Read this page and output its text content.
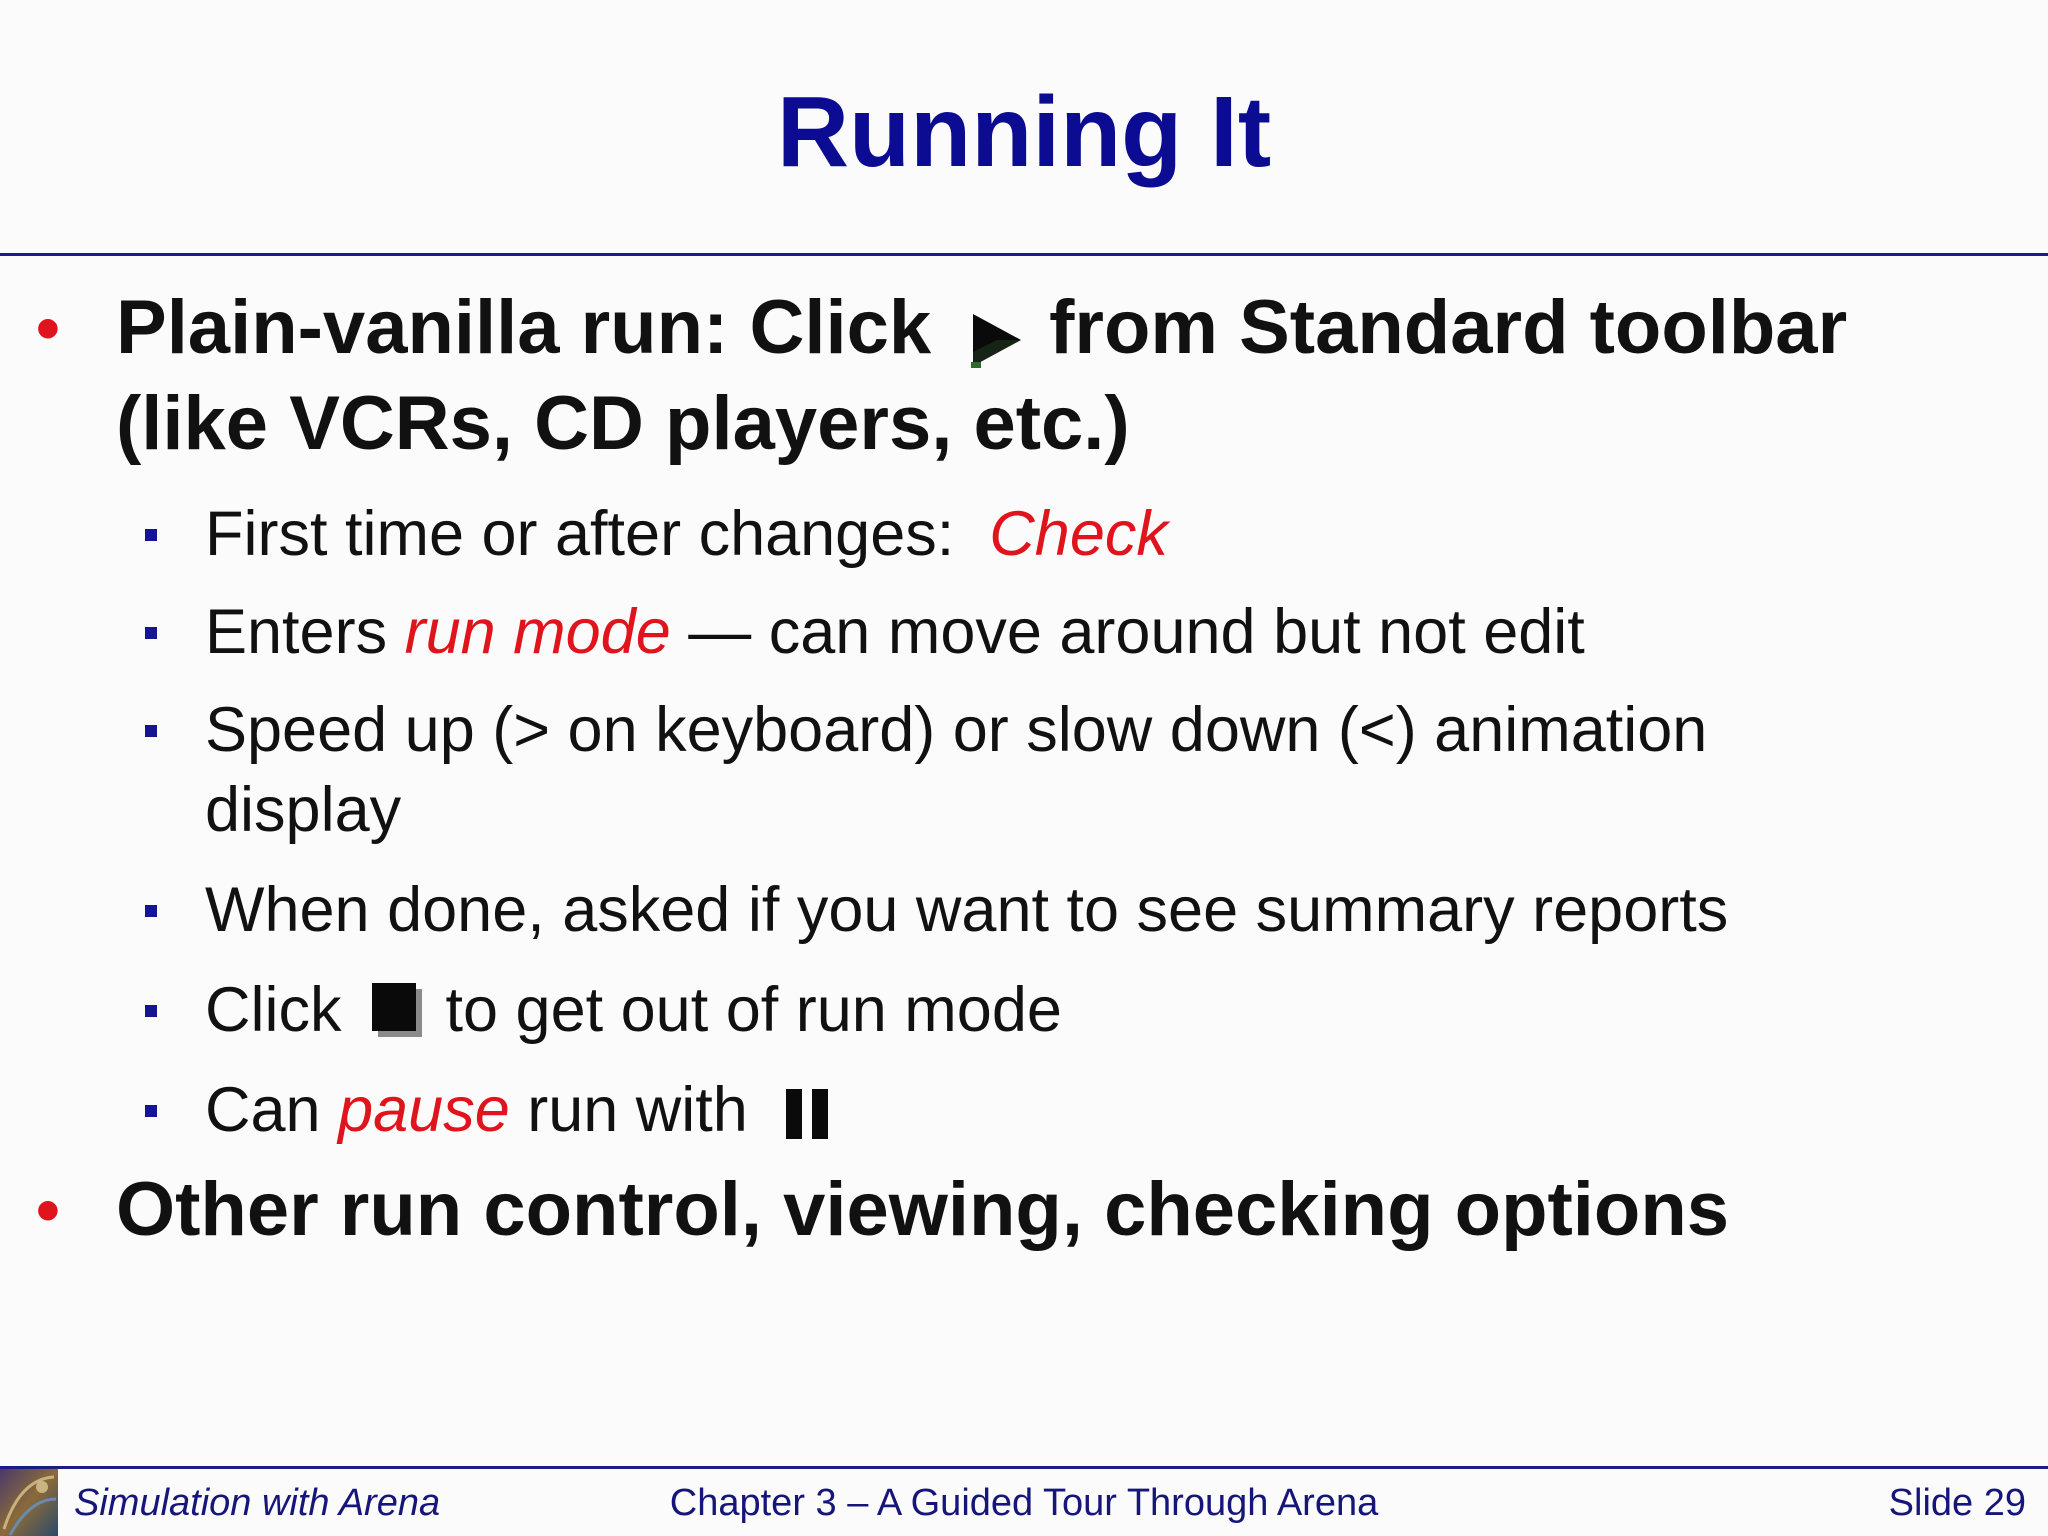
Running It
• Plain-vanilla run: Click from Standard toolbar
(like VCRs, CD players, etc.)
First time or after changes:  Check
Enters run mode — can move around but not edit
Speed up (> on keyboard) or slow down (<) animation
display
When done, asked if you want to see summary reports
Click to get out of run mode
Can pause run with
• Other run control, viewing, checking options
Simulation with Arena	Chapter 3 – A Guided Tour Through Arena	Slide 29
